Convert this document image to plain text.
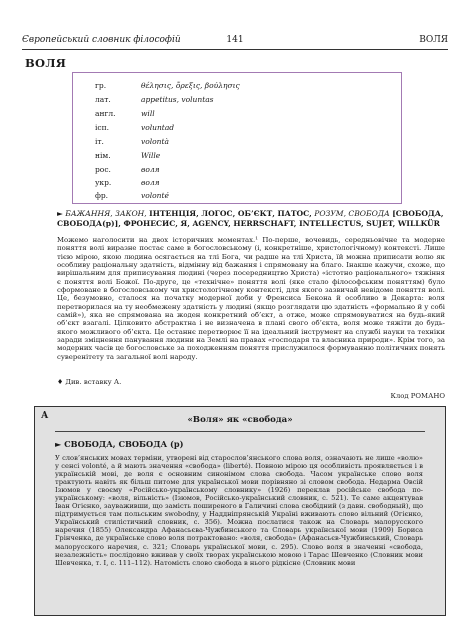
Європейський словник філософій	141	ВОЛЯ
ВОЛЯ
гр.	θέλησις, ὄρεξις, βούλησις
лат.	appetitus, voluntas
англ.	will
ісп.	voluntad
іт.	volontà
нім.	Wille
рос.	воля
укр.	воля
фр.	volonté
► БАЖАННЯ, ЗАКОН, ІНТЕНЦІЯ, ЛОГОС, ОБ’ЄКТ, ПАТОС, РОЗУМ, СВОБОДА [СВОБОДА, СВОБОДА(р)], ФРОНЕСИС, Я, AGENCY, HERRSCHAFT, INTELLECTUS, SUJET, WILLKÜR

Можемо наголосити на двох історичних моментах.¹ По-перше, вочевидь, середньовічне та модерне поняття волі виразне постає саме в богословському (і, конкретніше, христологічному) контексті. Лише тією мірою, якою людина осягається на тлі Бога, чи радше на тлі Христа, їй можна приписати волю як особливу раціональну здатність, відмінну від бажання і спрямовану на благо. Інакше кажучи, схоже, що вирішальним для приписування людині (через посередництво Христа) «істотно раціонального» тяжіння є поняття волі Божої. По-друге, це «технічне» поняття волі (яке стало філософським поняттям) було сформоване в богословському чи христологічному контексті, для якого зазвичай невідоме поняття волі. Це, безумовно, сталося на початку модерної доби у Френсиса Бекона й особливо в Декарта: воля перетворилася на ту необмежену здатність у людині (якщо розглядати цю здатність «формально й у собі самій»), яка не спрямована на жоден конкретний об’єкт, а отже, може спрямовуватися на будь-який об’єкт взагалі. Цілковито абстрактна і не визначена в плані свого об’єкта, воля може тяжіти до будь-якого можливого об’єкта. Це останнє перетворює її на ідеальний інструмент на службі науки та техніки заради зміцнення панування людини на Землі на правах «господаря та власника природи». Крім того, за модерних часів це богословське за походженням поняття прислужилося формуванню політичних понять суверенітету та загальної волі народу.

♦ Див. вставку А.
Клод РОМАНО
А	«Воля» як «свобода»
► СВОБОДА, СВОБОДА (р)

У слов’янських мовах терміни, утворені від старослов’янського слова воля, означають не лише «волю» у сенсі volonté, а й мають значення «свобода» (liberté). Повною мірою ця особливість проявляється і в українській мові, де воля є основним синонімом слова свобода. Часом українське слово воля трактують навіть як більш питоме для української мови порівняно зі словом свобода. Недарма Овсій Ізюмов у своєму «Російсько-українському словнику» (1926) переклав російське свобода по-українському: «воля, вільність» (Ізюмов, Російсько-український словник, с. 521). Те саме акцентував Іван Огієнко, зауваживши, що замість поширеного в Галичині слова свобідний (з давн. свободный), що підтримується там польським swobodny, у Наддніпрянській Україні вживають слово вільний (Огієнко, Український стилістичний словник, с. 356). Можна послатися також на Словарь малорусского наречия (1855) Олександра Афанасьєва-Чужбинського та Словарь української мови (1909) Бориса Грінченка, де українське слово воля потрактовано: «воля, свобода» (Афанасьєв-Чужбинський, Словарь малорусского наречия, с. 321; Словарь української мови, с. 295). Слово воля в значенні «свобода, незалежність» послідовно вживав у своїх творах українською мовою і Тарас Шевченко (Словник мови Шевченка, т. I, с. 111–112). Натомість слово свобода в нього рідкісне (Словник мови
